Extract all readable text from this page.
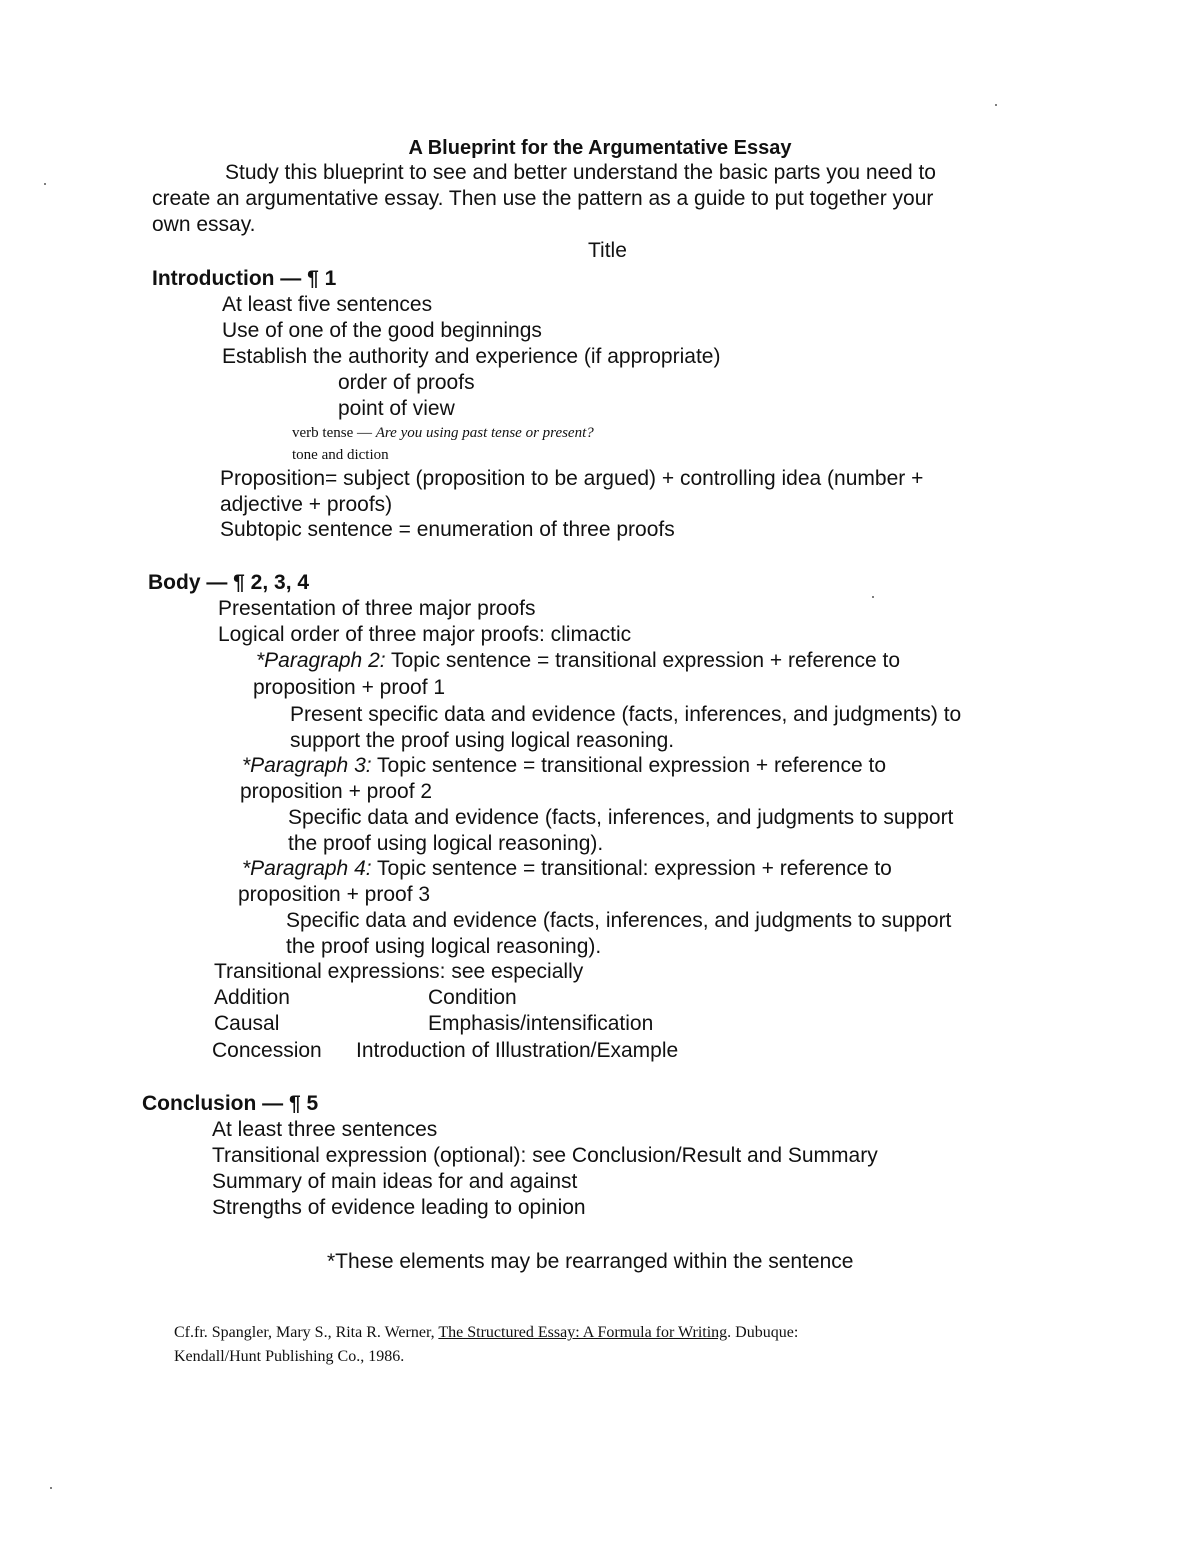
A Blueprint for the Argumentative Essay
Study this blueprint to see and better understand the basic parts you need to
create an argumentative essay. Then use the pattern as a guide to put together your
own essay.
Title
Introduction — ¶ 1
At least five sentences
Use of one of the good beginnings
Establish the authority and experience (if appropriate)
order of proofs
point of view
verb tense — Are you using past tense or present?
tone and diction
Proposition= subject (proposition to be argued) + controlling idea (number +
adjective + proofs)
Subtopic sentence = enumeration of three proofs
Body — ¶ 2, 3, 4
Presentation of three major proofs
Logical order of three major proofs: climactic
*Paragraph 2: Topic sentence = transitional expression + reference to
proposition + proof 1
Present specific data and evidence (facts, inferences, and judgments) to
support the proof using logical reasoning.
*Paragraph 3: Topic sentence = transitional expression + reference to
proposition + proof 2
Specific data and evidence (facts, inferences, and judgments to support
the proof using logical reasoning).
*Paragraph 4: Topic sentence = transitional: expression + reference to
proposition + proof 3
Specific data and evidence (facts, inferences, and judgments to support
the proof using logical reasoning).
Transitional expressions: see especially
Addition	Condition
Causal	Emphasis/intensification
Concession Introduction of Illustration/Example
Conclusion — ¶ 5
At least three sentences
Transitional expression (optional): see Conclusion/Result and Summary
Summary of main ideas for and against
Strengths of evidence leading to opinion
*These elements may be rearranged within the sentence
Cf.fr. Spangler, Mary S., Rita R. Werner, The Structured Essay: A Formula for Writing. Dubuque:
Kendall/Hunt Publishing Co., 1986.
